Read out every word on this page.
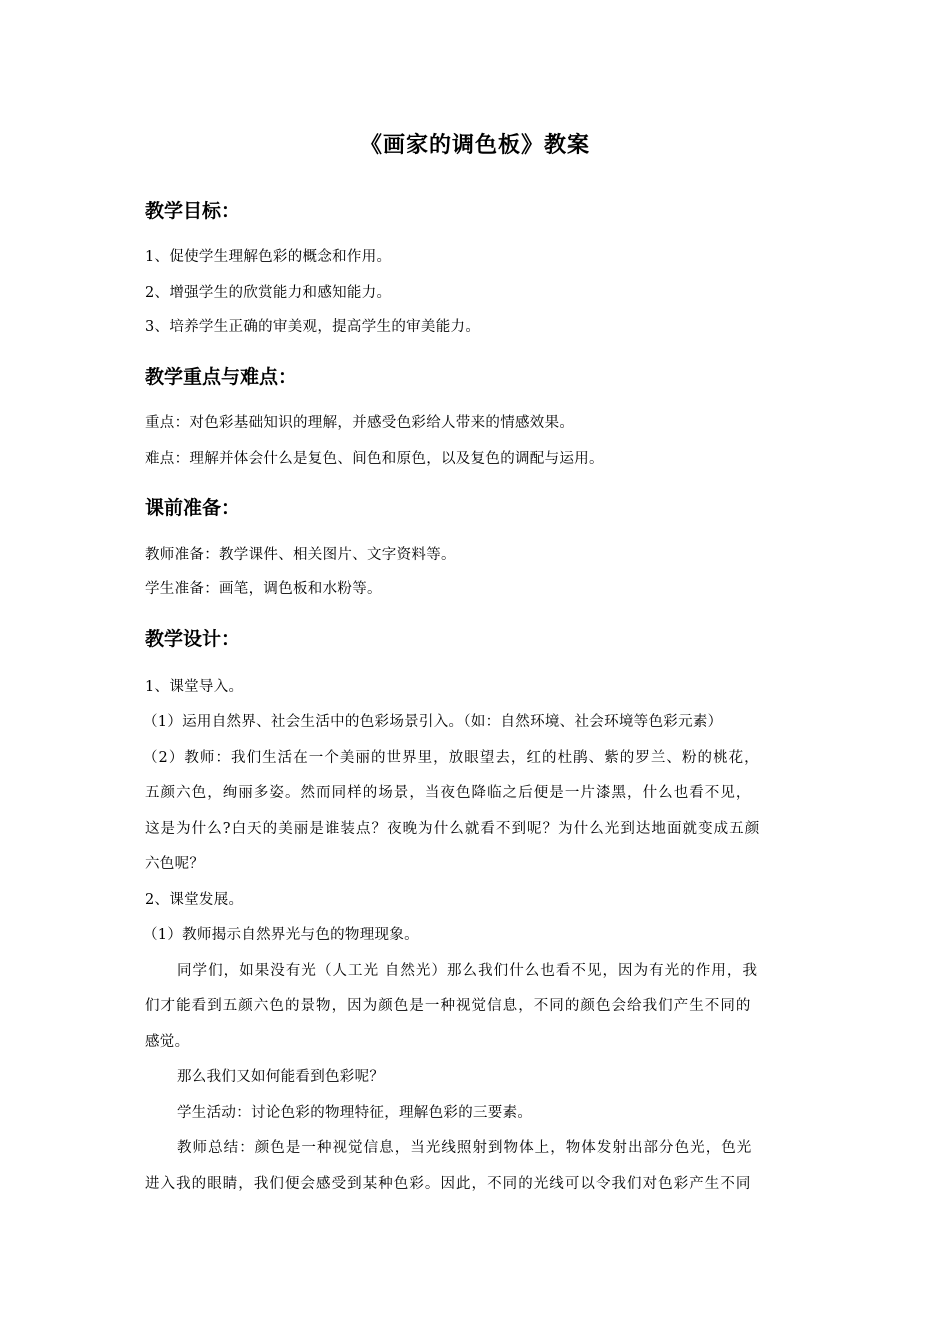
《画家的调色板》教案
教学目标：
1、促使学生理解色彩的概念和作用。
2、增强学生的欣赏能力和感知能力。
3、培养学生正确的审美观，提高学生的审美能力。
教学重点与难点：
重点：对色彩基础知识的理解，并感受色彩给人带来的情感效果。
难点：理解并体会什么是复色、间色和原色，以及复色的调配与运用。
课前准备：
教师准备：教学课件、相关图片、文字资料等。
学生准备：画笔，调色板和水粉等。
教学设计：
1、课堂导入。
（1）运用自然界、社会生活中的色彩场景引入。（如：自然环境、社会环境等色彩元素）
（2）教师：我们生活在一个美丽的世界里，放眼望去，红的杜鹃、紫的罗兰、粉的桃花，
五颜六色，绚丽多姿。然而同样的场景，当夜色降临之后便是一片漆黑，什么也看不见，
这是为什么?白天的美丽是谁装点？夜晚为什么就看不到呢？为什么光到达地面就变成五颜
六色呢？
2、课堂发展。
（1）教师揭示自然界光与色的物理现象。
同学们，如果没有光（人工光 自然光）那么我们什么也看不见，因为有光的作用，我
们才能看到五颜六色的景物，因为颜色是一种视觉信息，不同的颜色会给我们产生不同的
感觉。
那么我们又如何能看到色彩呢？
学生活动：讨论色彩的物理特征，理解色彩的三要素。
教师总结：颜色是一种视觉信息，当光线照射到物体上，物体发射出部分色光，色光
进入我的眼睛，我们便会感受到某种色彩。因此，不同的光线可以令我们对色彩产生不同
